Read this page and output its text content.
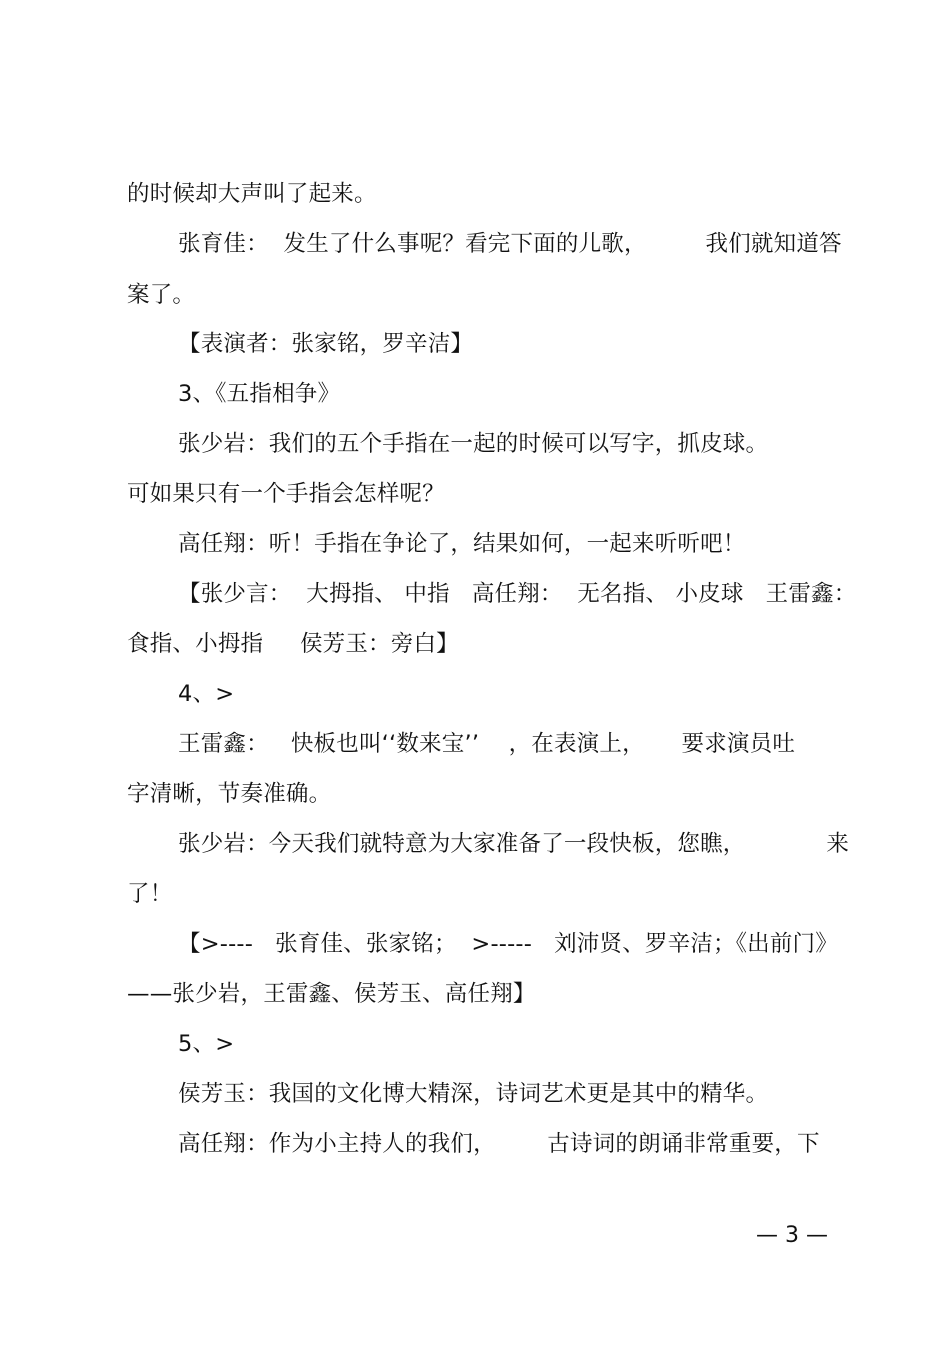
的时候却大声叫了起来。
张育佳：  发生了什么事呢？看完下面的儿歌，        我们就知道答
案了。
【表演者：张家铭，罗辛洁】
3、《五指相争》
张少岩：我们的五个手指在一起的时候可以写字，抓皮球。
可如果只有一个手指会怎样呢？
高任翔：听！手指在争论了，结果如何，一起来听听吧！
【张少言：  大拇指、 中指   高任翔：  无名指、 小皮球   王雷鑫：
食指、小拇指     侯芳玉：旁白】
4、>
王雷鑫：   快板也叫‘‘数来宝’’    ，在表演上，     要求演员吐
字清晰，节奏准确。
张少岩：今天我们就特意为大家准备了一段快板，您瞧，           来
了！
【>----   张育佳、张家铭；  >-----   刘沛贤、罗辛洁；《出前门》
——张少岩，王雷鑫、侯芳玉、高任翔】
5、>
侯芳玉：我国的文化博大精深，诗词艺术更是其中的精华。
高任翔：作为小主持人的我们，       古诗词的朗诵非常重要，下
— 3 —
